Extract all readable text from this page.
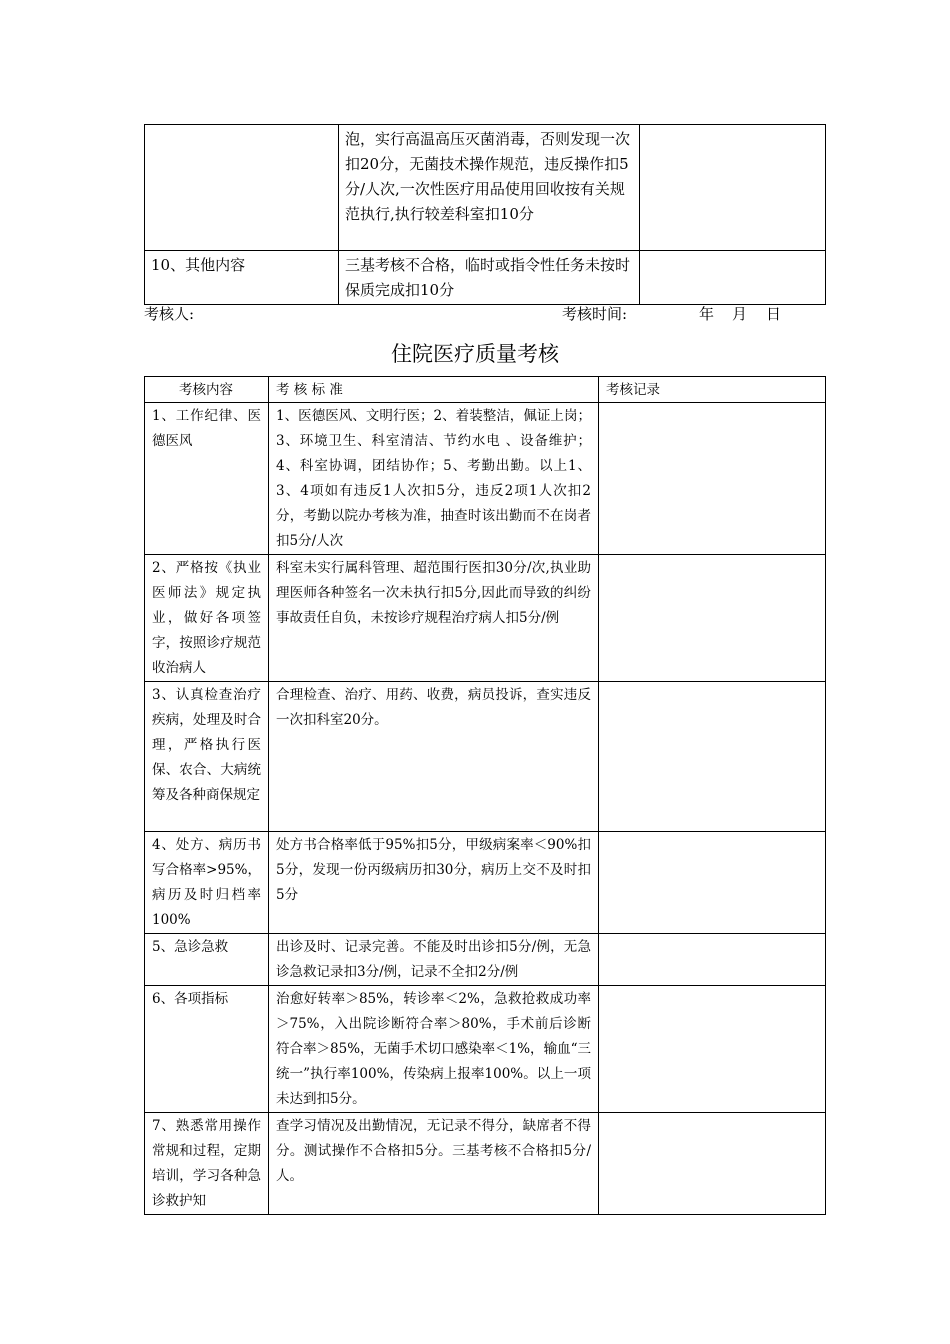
	泡，实行高温高压灭菌消毒，否则发现一次扣20分，无菌技术操作规范，违反操作扣5分/人次,一次性医疗用品使用回收按有关规范执行,执行较差科室扣10分	
10、其他内容	三基考核不合格，临时或指令性任务未按时保质完成扣10分	
考核人:	考核时间:	年 月 日
住院医疗质量考核
考核内容	考 核 标 准	考核记录
1、工作纪律、医德医风	1、医德医风、文明行医；2、着装整洁，佩证上岗；3、环境卫生、科室清洁、节约水电 、设备维护；4、科室协调，团结协作；5、考勤出勤。以上1、3、4项如有违反1人次扣5分，违反2项1人次扣2分，考勤以院办考核为准，抽查时该出勤而不在岗者扣5分/人次	
2、严格按《执业医师法》规定执业，做好各项签字，按照诊疗规范收治病人	科室未实行属科管理、超范围行医扣30分/次,执业助理医师各种签名一次未执行扣5分,因此而导致的纠纷事故责任自负，未按诊疗规程治疗病人扣5分/例	
3、认真检查治疗疾病，处理及时合理，严格执行医保、农合、大病统筹及各种商保规定	合理检查、治疗、用药、收费，病员投诉，查实违反一次扣科室20分。	
4、处方、病历书写合格率>95%，病历及时归档率100%	处方书合格率低于95%扣5分，甲级病案率＜90%扣5分，发现一份丙级病历扣30分，病历上交不及时扣5分	
5、急诊急救	出诊及时、记录完善。不能及时出诊扣5分/例，无急诊急救记录扣3分/例，记录不全扣2分/例	
6、各项指标	治愈好转率＞85%，转诊率＜2%，急救抢救成功率＞75%，入出院诊断符合率＞80%，手术前后诊断符合率＞85%，无菌手术切口感染率＜1%，输血“三统一”执行率100%，传染病上报率100%。以上一项未达到扣5分。	
7、熟悉常用操作常规和过程，定期培训，学习各种急诊救护知	查学习情况及出勤情况，无记录不得分，缺席者不得分。测试操作不合格扣5分。三基考核不合格扣5分/人。	
